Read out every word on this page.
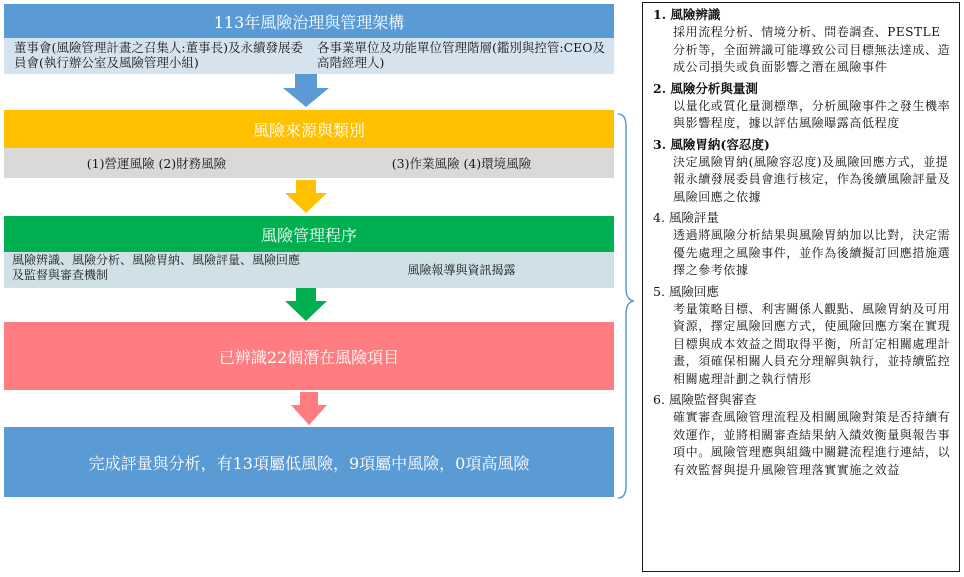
113年風險治理與管理架構
董事會(風險管理計畫之召集人:董事長)及永續發展委員會(執行辦公室及風險管理小組)
各事業單位及功能單位管理階層(鑑別與控管:CEO及高階經理人)
風險來源與類別
(1)營運風險 (2)財務風險	(3)作業風險 (4)環境風險
風險管理程序
風險辨識、風險分析、風險胃納、風險評量、風險回應及監督與審查機制	風險報導與資訊揭露
已辨識22個潛在風險項目
完成評量與分析，有13項屬低風險，9項屬中風險，0項高風險
1. 風險辨識
採用流程分析、情境分析、問卷調查、PESTLE分析等，全面辨識可能導致公司目標無法達成、造成公司損失或負面影響之潛在風險事件
2. 風險分析與量測
以量化或質化量測標準，分析風險事件之發生機率與影響程度，據以評估風險曝露高低程度
3. 風險胃納(容忍度)
決定風險胃納(風險容忍度)及風險回應方式，並提報永續發展委員會進行核定，作為後續風險評量及風險回應之依據
4. 風險評量
透過將風險分析結果與風險胃納加以比對，決定需優先處理之風險事件，並作為後續擬訂回應措施選擇之參考依據
5. 風險回應
考量策略目標、利害關係人觀點、風險胃納及可用資源，擇定風險回應方式，使風險回應方案在實現目標與成本效益之間取得平衡，所訂定相關處理計畫，須確保相關人員充分理解與執行，並持續監控相關處理計劃之執行情形
6. 風險監督與審查
確實審查風險管理流程及相關風險對策是否持續有效運作，並將相關審查結果納入績效衡量與報告事項中。風險管理應與組織中關鍵流程進行連結，以有效監督與提升風險管理落實實施之效益
